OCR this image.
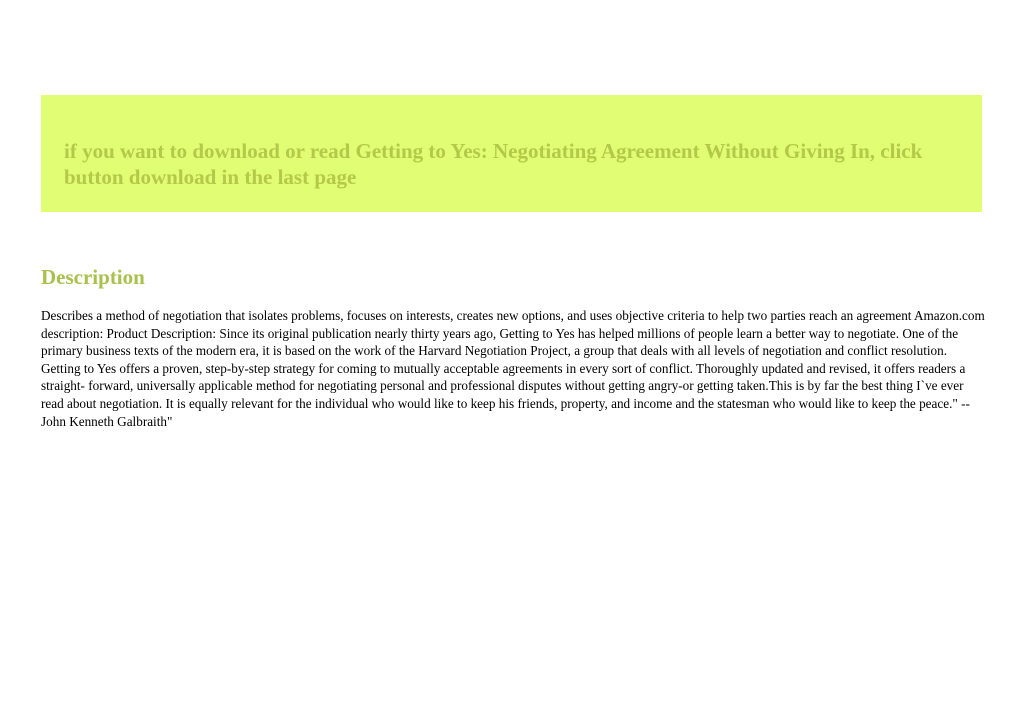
if you want to download or read Getting to Yes: Negotiating Agreement Without Giving In, click button download in the last page

Description

Describes a method of negotiation that isolates problems, focuses on interests, creates new options, and uses objective criteria to help two parties reach an agreement Amazon.com description: Product Description: Since its original publication nearly thirty years ago, Getting to Yes has helped millions of people learn a better way to negotiate. One of the primary business texts of the modern era, it is based on the work of the Harvard Negotiation Project, a group that deals with all levels of negotiation and conflict resolution. Getting to Yes offers a proven, step-by-step strategy for coming to mutually acceptable agreements in every sort of conflict. Thoroughly updated and revised, it offers readers a straight- forward, universally applicable method for negotiating personal and professional disputes without getting angry-or getting taken.This is by far the best thing I`ve ever read about negotiation. It is equally relevant for the individual who would like to keep his friends, property, and income and the statesman who would like to keep the peace." --John Kenneth Galbraith"
